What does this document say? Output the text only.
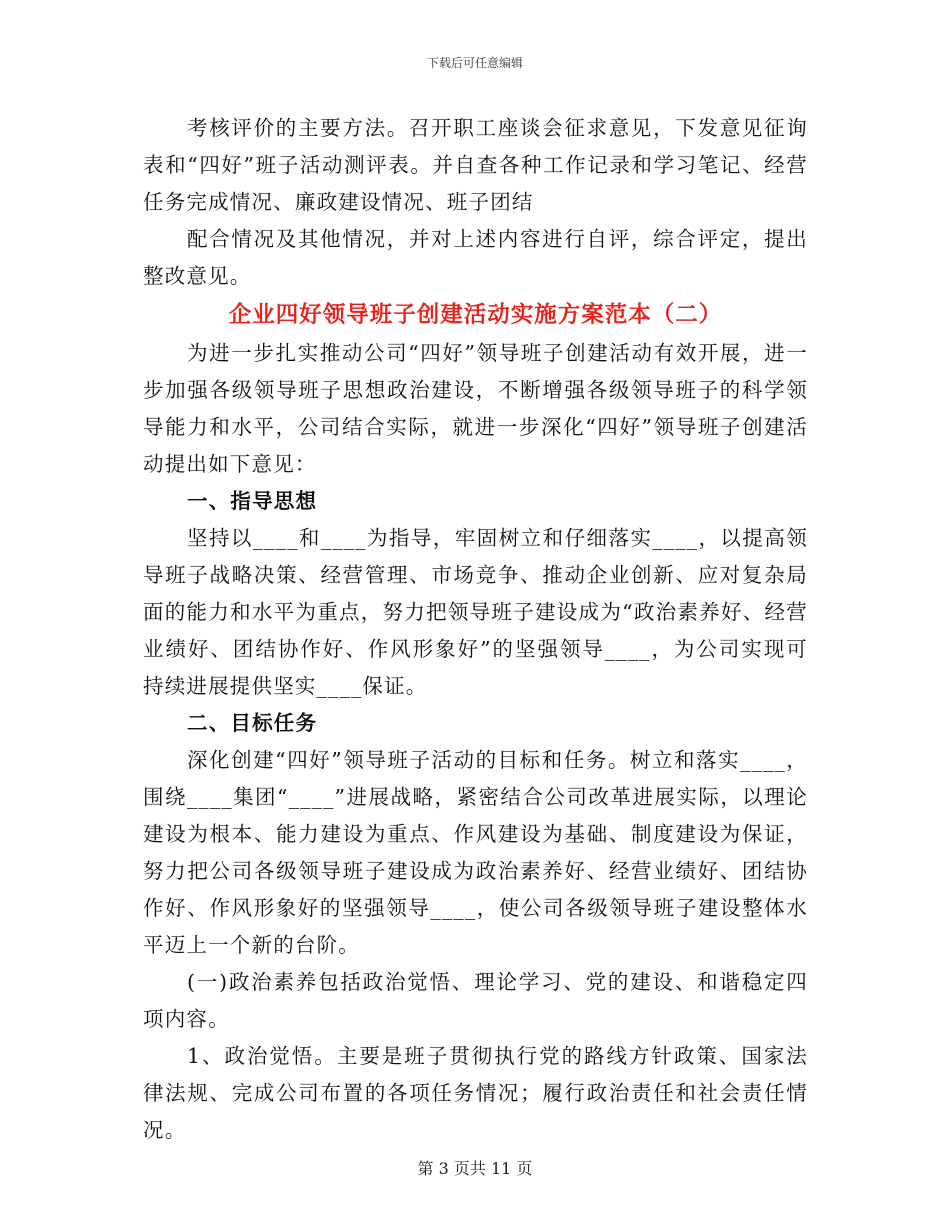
下载后可任意编辑

考核评价的主要方法。召开职工座谈会征求意见，下发意见征询表和“四好”班子活动测评表。并自查各种工作记录和学习笔记、经营任务完成情况、廉政建设情况、班子团结

配合情况及其他情况，并对上述内容进行自评，综合评定，提出整改意见。

企业四好领导班子创建活动实施方案范本（二）

为进一步扎实推动公司“四好”领导班子创建活动有效开展，进一步加强各级领导班子思想政治建设，不断增强各级领导班子的科学领导能力和水平，公司结合实际，就进一步深化“四好”领导班子创建活动提出如下意见：

一、指导思想

坚持以____和____为指导，牢固树立和仔细落实____，以提高领导班子战略决策、经营管理、市场竞争、推动企业创新、应对复杂局面的能力和水平为重点，努力把领导班子建设成为“政治素养好、经营业绩好、团结协作好、作风形象好”的坚强领导____，为公司实现可持续进展提供坚实____保证。

二、目标任务

深化创建“四好”领导班子活动的目标和任务。树立和落实____，围绕____集团“____”进展战略，紧密结合公司改革进展实际，以理论建设为根本、能力建设为重点、作风建设为基础、制度建设为保证，努力把公司各级领导班子建设成为政治素养好、经营业绩好、团结协作好、作风形象好的坚强领导____，使公司各级领导班子建设整体水平迈上一个新的台阶。

(一)政治素养包括政治觉悟、理论学习、党的建设、和谐稳定四项内容。

1、政治觉悟。主要是班子贯彻执行党的路线方针政策、国家法律法规、完成公司布置的各项任务情况；履行政治责任和社会责任情况。

第 3 页共 11 页
